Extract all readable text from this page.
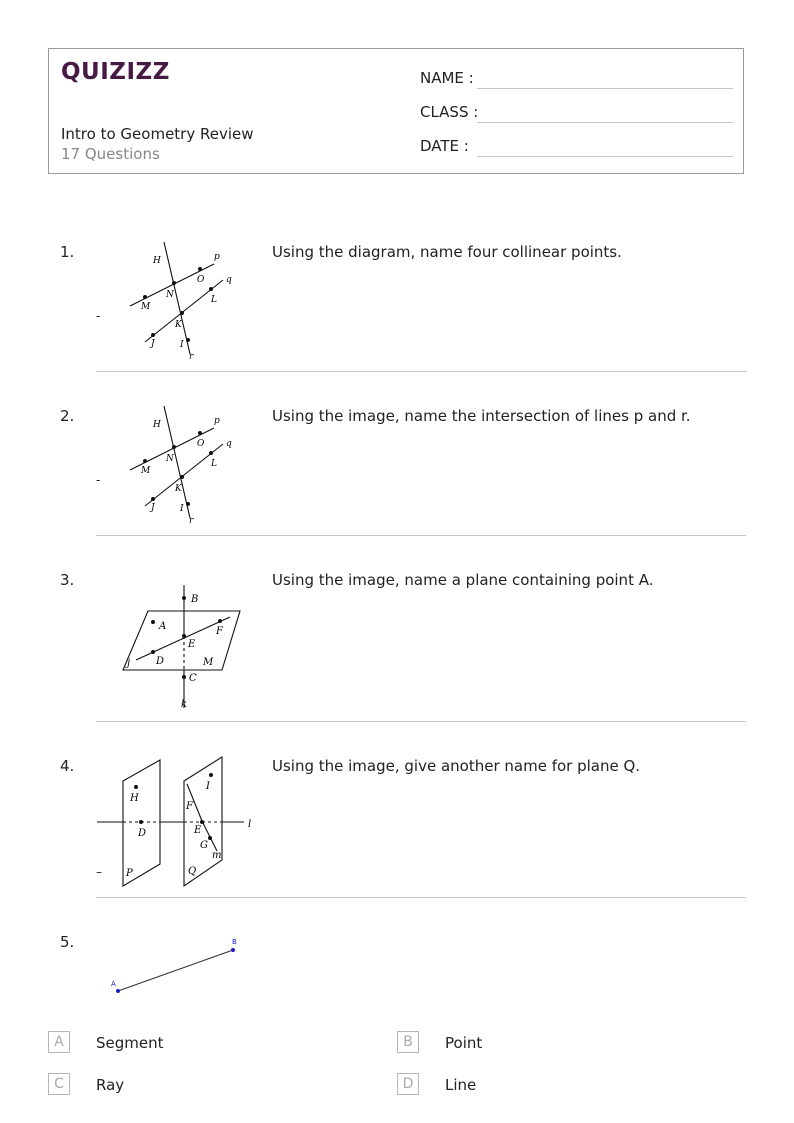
QUIZIZZ
Intro to Geometry Review
17 Questions
NAME :
CLASS :
DATE :
1.	Using the diagram, name four collinear points.
-
H	p
O q
N	L
M
K
J	I
r
2.	Using the image, name the intersection of lines p and r.
-
H	p
O q
N	L
M
K
J	I
r
3.	Using the image, name a plane containing point A.
B
A
E
F
j	D	M
C
k
4.	Using the image, give another name for plane Q.
–
I
H
F
D	E
l
G
m
P	Q
5.
A
B
A	Segment	B	Point
C	Ray	D	Line
